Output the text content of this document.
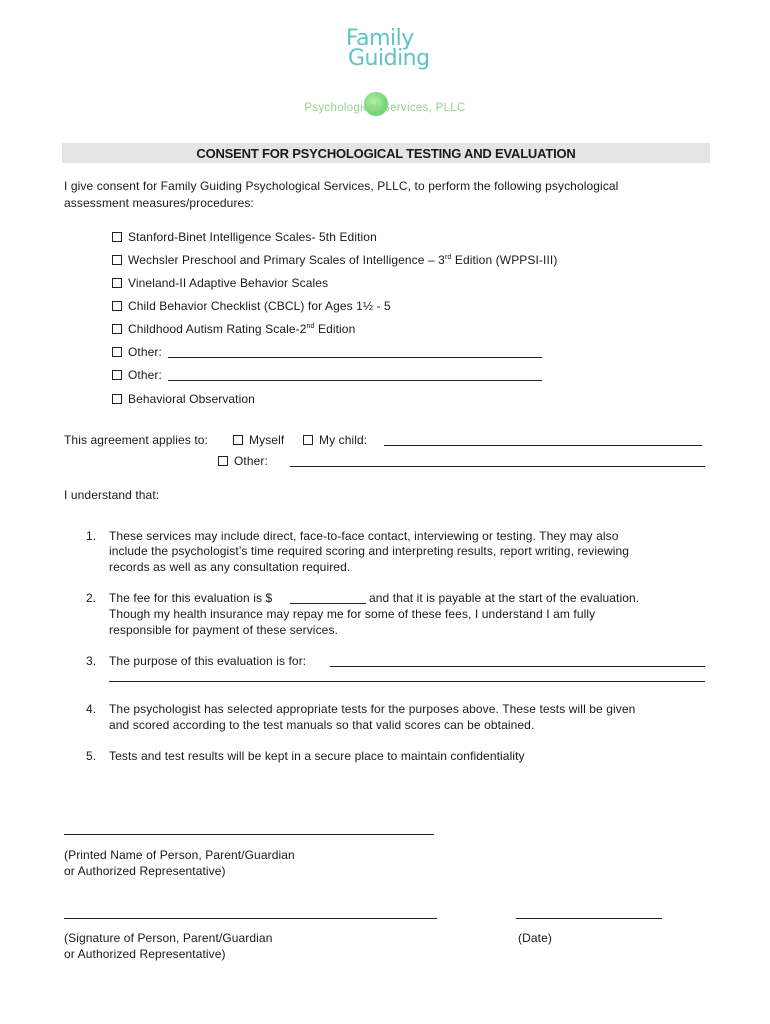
Family
Guiding
Psychological Services, PLLC
CONSENT FOR PSYCHOLOGICAL TESTING AND EVALUATION
I give consent for Family Guiding Psychological Services, PLLC, to perform the following psychological
assessment measures/procedures:
Stanford-Binet Intelligence Scales- 5th Edition
Wechsler Preschool and Primary Scales of Intelligence – 3rd Edition (WPPSI-III)
Vineland-II Adaptive Behavior Scales
Child Behavior Checklist (CBCL) for Ages 1½ - 5
Childhood Autism Rating Scale-2nd Edition
Other:
Other:
Behavioral Observation
This agreement applies to:	Myself	My child:
Other:
I understand that:
1. These services may include direct, face-to-face contact, interviewing or testing. They may also
include the psychologist’s time required scoring and interpreting results, report writing, reviewing
records as well as any consultation required.
2. The fee for this evaluation is $	and that it is payable at the start of the evaluation.
Though my health insurance may repay me for some of these fees, I understand I am fully
responsible for payment of these services.
3. The purpose of this evaluation is for:
4. The psychologist has selected appropriate tests for the purposes above. These tests will be given
and scored according to the test manuals so that valid scores can be obtained.
5. Tests and test results will be kept in a secure place to maintain confidentiality
(Printed Name of Person, Parent/Guardian
or Authorized Representative)
(Signature of Person, Parent/Guardian
or Authorized Representative)
(Date)
